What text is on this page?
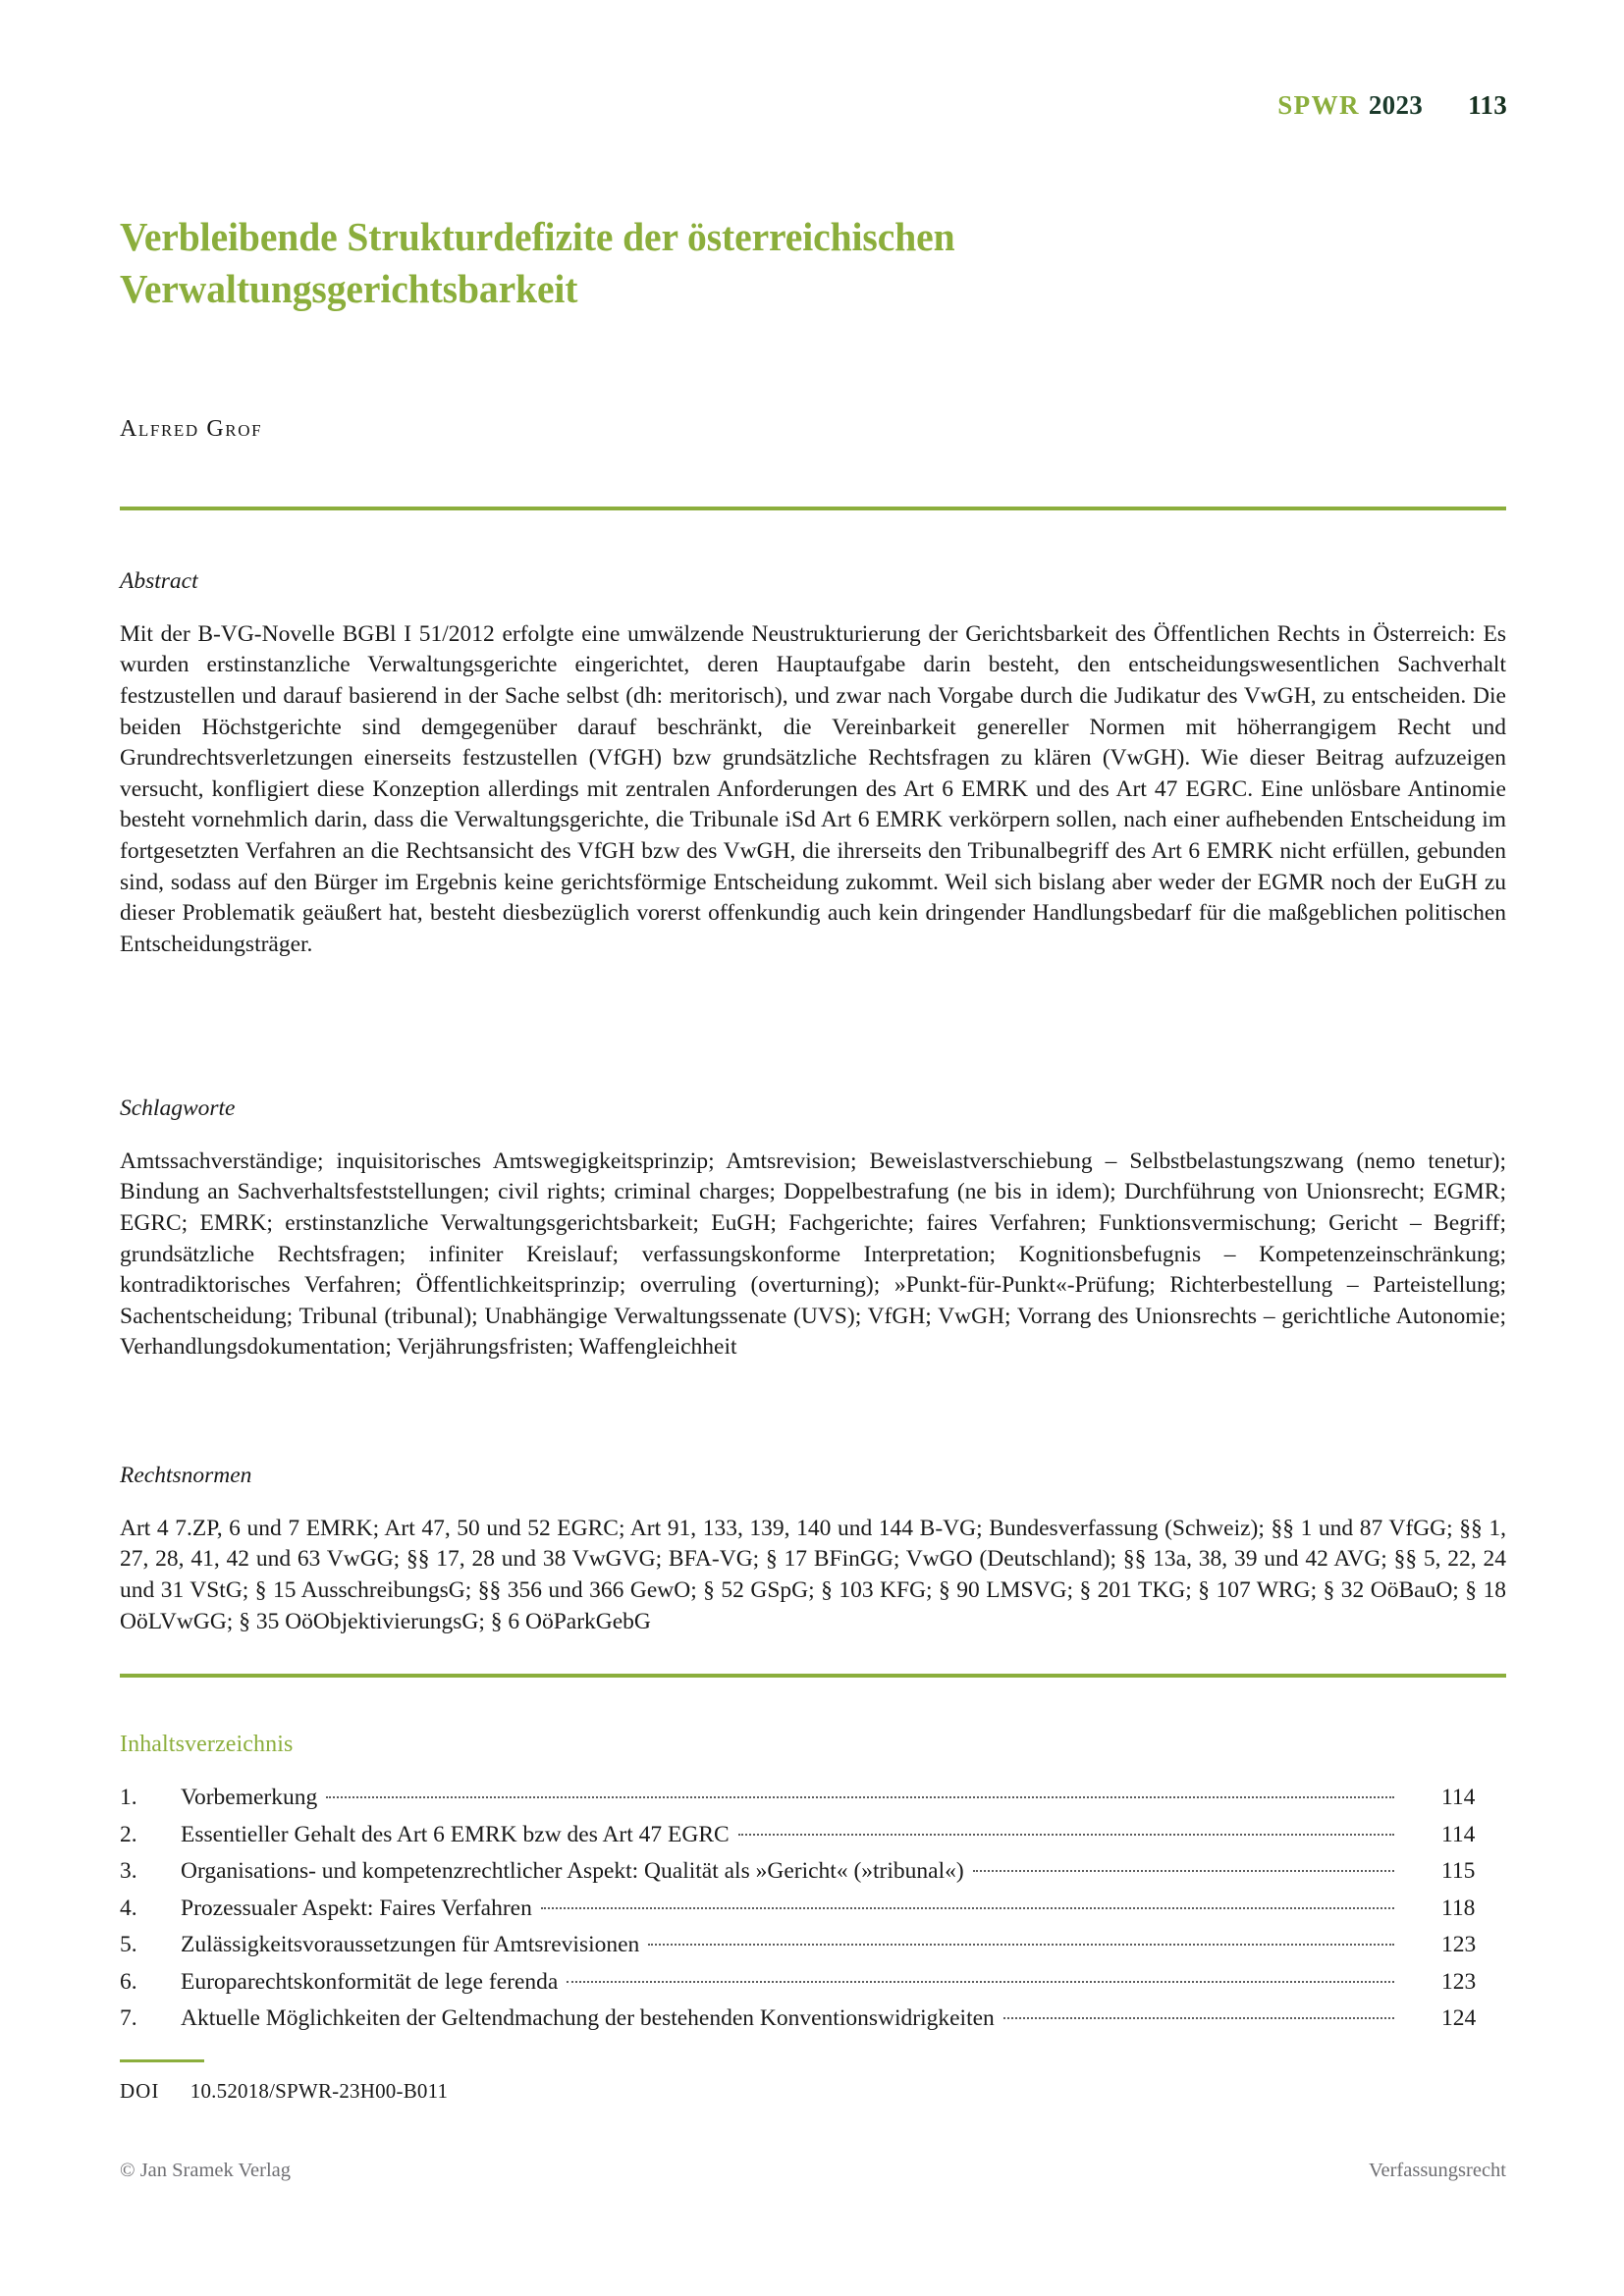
SPWR 2023 113
Verbleibende Strukturdefizite der österreichischen Verwaltungsgerichtsbarkeit
Alfred Grof
Abstract

Mit der B-VG-Novelle BGBl I 51/2012 erfolgte eine umwälzende Neustrukturierung der Gerichtsbarkeit des Öffentlichen Rechts in Österreich: Es wurden erstinstanzliche Verwaltungsgerichte eingerichtet, deren Hauptaufgabe darin besteht, den entscheidungswesentlichen Sachverhalt festzustellen und darauf basierend in der Sache selbst (dh: meritorisch), und zwar nach Vorgabe durch die Judikatur des VwGH, zu entscheiden. Die beiden Höchstgerichte sind demgegenüber darauf beschränkt, die Vereinbarkeit genereller Normen mit höherrangigem Recht und Grundrechtsverletzungen einerseits festzustellen (VfGH) bzw grundsätzliche Rechtsfragen zu klären (VwGH). Wie dieser Beitrag aufzuzeigen versucht, konfligiert diese Konzeption allerdings mit zentralen Anforderungen des Art 6 EMRK und des Art 47 EGRC. Eine unlösbare Antinomie besteht vornehmlich darin, dass die Verwaltungsgerichte, die Tribunale iSd Art 6 EMRK verkörpern sollen, nach einer aufhebenden Entscheidung im fortgesetzten Verfahren an die Rechtsansicht des VfGH bzw des VwGH, die ihrerseits den Tribunalbegriff des Art 6 EMRK nicht erfüllen, gebunden sind, sodass auf den Bürger im Ergebnis keine gerichtsförmige Entscheidung zukommt. Weil sich bislang aber weder der EGMR noch der EuGH zu dieser Problematik geäußert hat, besteht diesbezüglich vorerst offenkundig auch kein dringender Handlungsbedarf für die maßgeblichen politischen Entscheidungsträger.

Schlagworte

Amtssachverständige; inquisitorisches Amtswegigkeitsprinzip; Amtsrevision; Beweislastverschiebung – Selbstbelastungszwang (nemo tenetur); Bindung an Sachverhaltsfeststellungen; civil rights; criminal charges; Doppelbestrafung (ne bis in idem); Durchführung von Unionsrecht; EGMR; EGRC; EMRK; erstinstanzliche Verwaltungsgerichtsbarkeit; EuGH; Fachgerichte; faires Verfahren; Funktionsvermischung; Gericht – Begriff; grundsätzliche Rechtsfragen; infiniter Kreislauf; verfassungskonforme Interpretation; Kognitionsbefugnis – Kompetenzeinschränkung; kontradiktorisches Verfahren; Öffentlichkeitsprinzip; overruling (overturning); »Punkt-für-Punkt«-Prüfung; Richterbestellung – Parteistellung; Sachentscheidung; Tribunal (tribunal); Unabhängige Verwaltungssenate (UVS); VfGH; VwGH; Vorrang des Unionsrechts – gerichtliche Autonomie; Verhandlungsdokumentation; Verjährungsfristen; Waffengleichheit

Rechtsnormen

Art 4 7.ZP, 6 und 7 EMRK; Art 47, 50 und 52 EGRC; Art 91, 133, 139, 140 und 144 B-VG; Bundesverfassung (Schweiz); §§ 1 und 87 VfGG; §§ 1, 27, 28, 41, 42 und 63 VwGG; §§ 17, 28 und 38 VwGVG; BFA-VG; § 17 BFinGG; VwGO (Deutschland); §§ 13a, 38, 39 und 42 AVG; §§ 5, 22, 24 und 31 VStG; § 15 AusschreibungsG; §§ 356 und 366 GewO; § 52 GSpG; § 103 KFG; § 90 LMSVG; § 201 TKG; § 107 WRG; § 32 OöBauO; § 18 OöLVwGG; § 35 OöObjektivierungsG; § 6 OöParkGebG

Inhaltsverzeichnis
1.	Vorbemerkung	114
2.	Essentieller Gehalt des Art 6 EMRK bzw des Art 47 EGRC	114
3.	Organisations- und kompetenzrechtlicher Aspekt: Qualität als »Gericht« (»tribunal«)	115
4.	Prozessualer Aspekt: Faires Verfahren	118
5.	Zulässigkeitsvoraussetzungen für Amtsrevisionen	123
6.	Europarechtskonformität de lege ferenda	123
7.	Aktuelle Möglichkeiten der Geltendmachung der bestehenden Konventionswidrigkeiten	124
DOI 10.52018/SPWR-23H00-B011
© Jan Sramek Verlag	Verfassungsrecht
